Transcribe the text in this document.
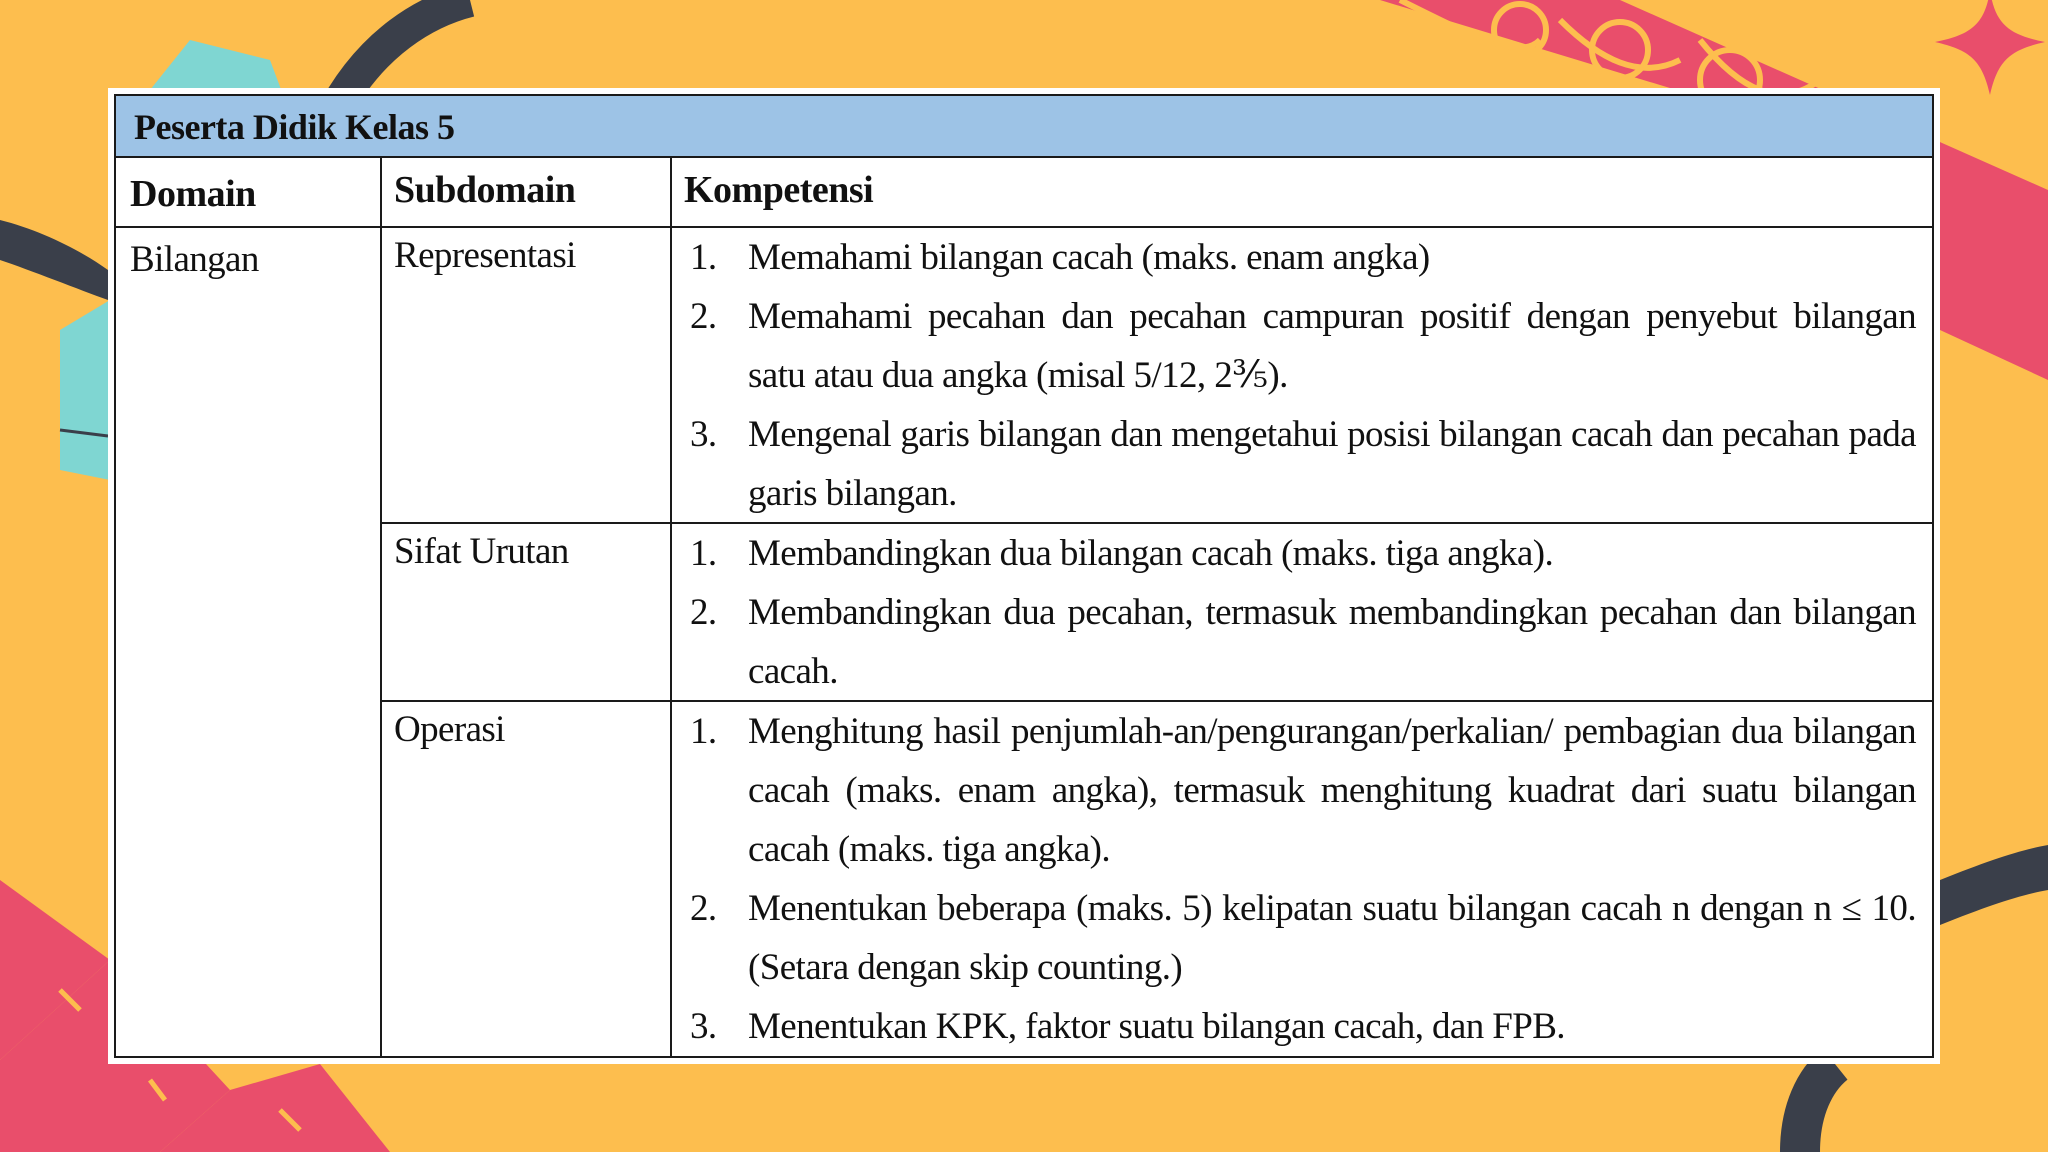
Peserta Didik Kelas 5
Domain	Subdomain	Kompetensi
Bilangan	Representasi	1. Memahami bilangan cacah (maks. enam angka)
2. Memahami pecahan dan pecahan campuran positif dengan penyebut bilangan satu atau dua angka (misal 5/12, 2⅗).
3. Mengenal garis bilangan dan mengetahui posisi bilangan cacah dan pecahan pada garis bilangan.
Sifat Urutan	1. Membandingkan dua bilangan cacah (maks. tiga angka).
2. Membandingkan dua pecahan, termasuk membandingkan pecahan dan bilangan cacah.
Operasi	1. Menghitung hasil penjumlah-an/pengurangan/perkalian/ pembagian dua bilangan cacah (maks. enam angka), termasuk menghitung kuadrat dari suatu bilangan cacah (maks. tiga angka).
2. Menentukan beberapa (maks. 5) kelipatan suatu bilangan cacah n dengan n ≤ 10. (Setara dengan skip counting.)
3. Menentukan KPK, faktor suatu bilangan cacah, dan FPB.
